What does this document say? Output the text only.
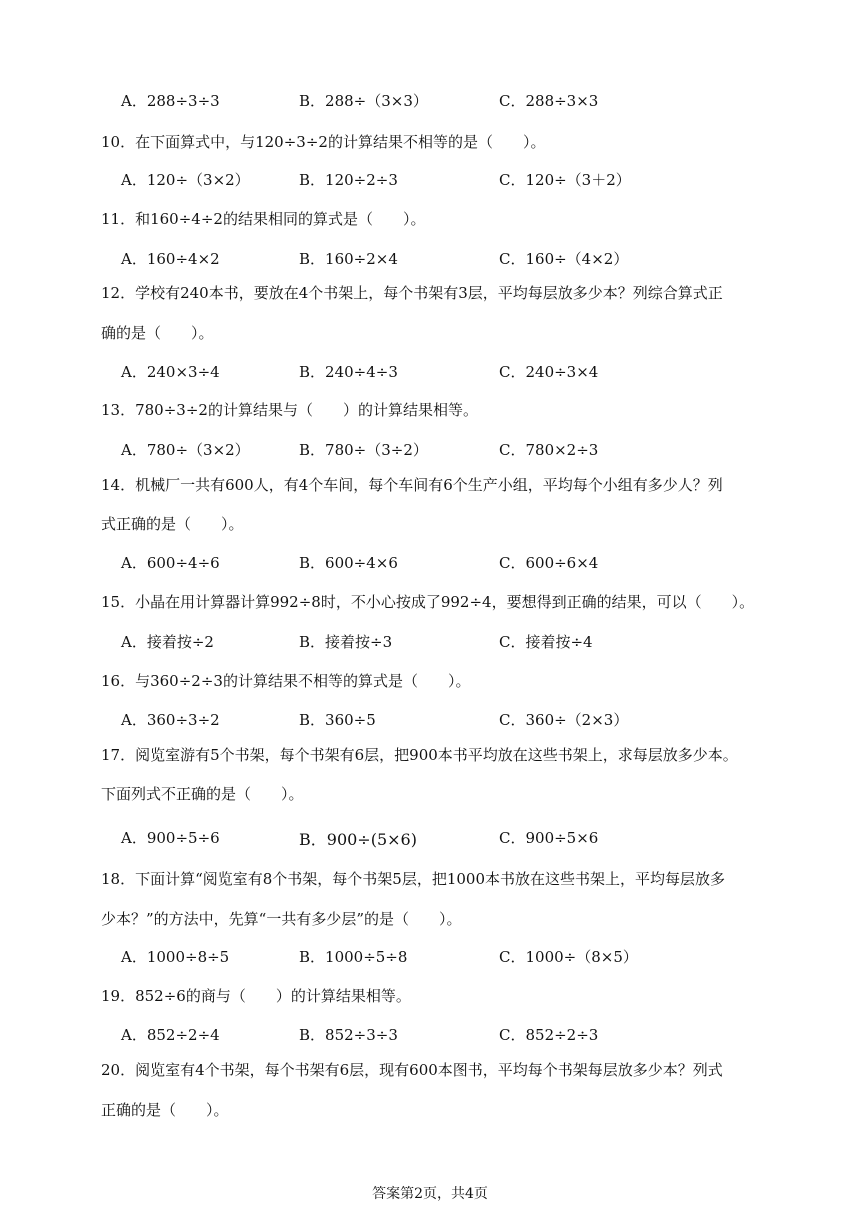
A．288÷3÷3	B．288÷（3×3）	C．288÷3×3
10．在下面算式中，与120÷3÷2的计算结果不相等的是（　　）。
A．120÷（3×2）	B．120÷2÷3	C．120÷（3＋2）
11．和160÷4÷2的结果相同的算式是（　　）。
A．160÷4×2	B．160÷2×4	C．160÷（4×2）
12．学校有240本书，要放在4个书架上，每个书架有3层，平均每层放多少本？列综合算式正
确的是（　　）。
A．240×3÷4	B．240÷4÷3	C．240÷3×4
13．780÷3÷2的计算结果与（　　）的计算结果相等。
A．780÷（3×2）	B．780÷（3÷2）	C．780×2÷3
14．机械厂一共有600人，有4个车间，每个车间有6个生产小组，平均每个小组有多少人？列
式正确的是（　　）。
A．600÷4÷6	B．600÷4×6	C．600÷6×4
15．小晶在用计算器计算992÷8时，不小心按成了992÷4，要想得到正确的结果，可以（　　）。
A．接着按÷2	B．接着按÷3	C．接着按÷4
16．与360÷2÷3的计算结果不相等的算式是（　　）。
A．360÷3÷2	B．360÷5	C．360÷（2×3）
17．阅览室游有5个书架，每个书架有6层，把900本书平均放在这些书架上，求每层放多少本。
下面列式不正确的是（　　）。
A．900÷5÷6	B．900÷(5×6)	C．900÷5×6
18．下面计算“阅览室有8个书架，每个书架5层，把1000本书放在这些书架上，平均每层放多
少本？”的方法中，先算“一共有多少层”的是（　　）。
A．1000÷8÷5	B．1000÷5÷8	C．1000÷（8×5）
19．852÷6的商与（　　）的计算结果相等。
A．852÷2÷4	B．852÷3÷3	C．852÷2÷3
20．阅览室有4个书架，每个书架有6层，现有600本图书，平均每个书架每层放多少本？列式
正确的是（　　）。
答案第2页，共4页
